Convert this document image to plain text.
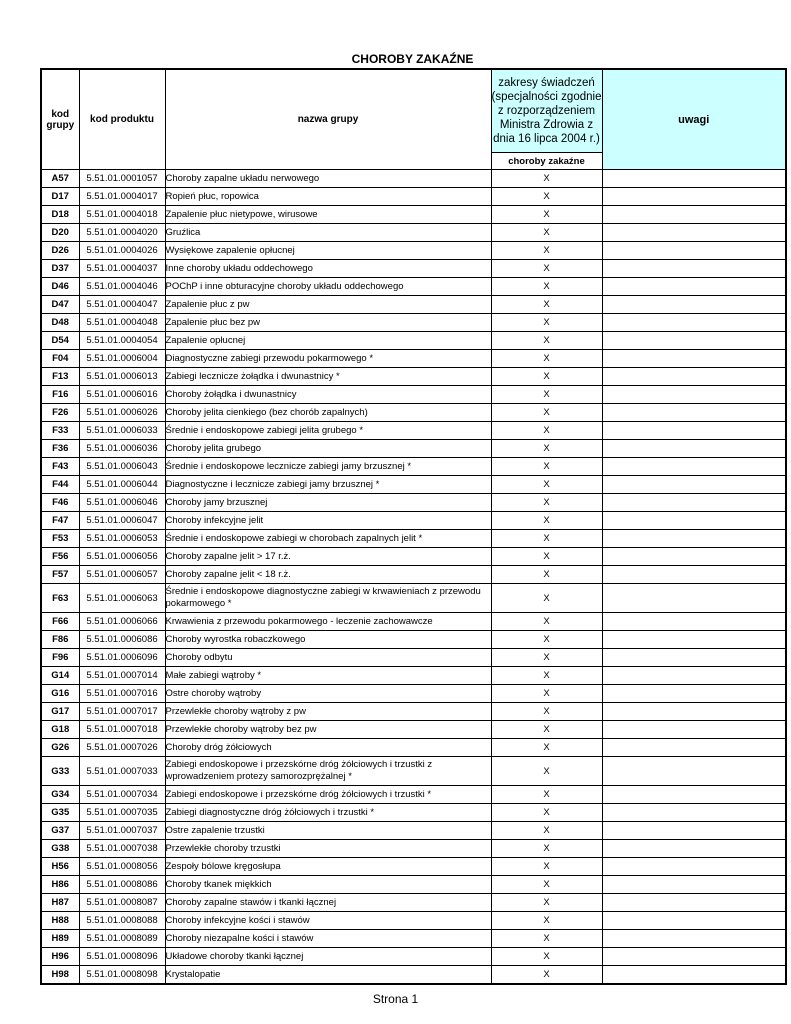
CHOROBY ZAKAŹNE
kod grupy	kod produktu	nazwa grupy	zakresy świadczeń (specjalności zgodnie z rozporządzeniem Ministra Zdrowia z dnia 16 lipca 2004 r.)	uwagi
			choroby zakaźne	
A57	5.51.01.0001057	Choroby zapalne układu nerwowego	X	
D17	5.51.01.0004017	Ropień płuc, ropowica	X	
D18	5.51.01.0004018	Zapalenie płuc nietypowe, wirusowe	X	
D20	5.51.01.0004020	Gruźlica	X	
D26	5.51.01.0004026	Wysiękowe zapalenie opłucnej	X	
D37	5.51.01.0004037	Inne choroby układu oddechowego	X	
D46	5.51.01.0004046	POChP i inne obturacyjne choroby układu oddechowego	X	
D47	5.51.01.0004047	Zapalenie płuc z pw	X	
D48	5.51.01.0004048	Zapalenie płuc bez pw	X	
D54	5.51.01.0004054	Zapalenie opłucnej	X	
F04	5.51.01.0006004	Diagnostyczne zabiegi przewodu pokarmowego *	X	
F13	5.51.01.0006013	Zabiegi lecznicze żołądka i dwunastnicy *	X	
F16	5.51.01.0006016	Choroby żołądka i dwunastnicy	X	
F26	5.51.01.0006026	Choroby jelita cienkiego (bez chorób zapalnych)	X	
F33	5.51.01.0006033	Średnie i endoskopowe zabiegi jelita grubego *	X	
F36	5.51.01.0006036	Choroby jelita grubego	X	
F43	5.51.01.0006043	Średnie i endoskopowe lecznicze zabiegi jamy brzusznej *	X	
F44	5.51.01.0006044	Diagnostyczne i lecznicze zabiegi jamy brzusznej *	X	
F46	5.51.01.0006046	Choroby jamy brzusznej	X	
F47	5.51.01.0006047	Choroby infekcyjne jelit	X	
F53	5.51.01.0006053	Średnie i endoskopowe zabiegi w chorobach zapalnych jelit *	X	
F56	5.51.01.0006056	Choroby zapalne jelit > 17 r.ż.	X	
F57	5.51.01.0006057	Choroby zapalne jelit < 18 r.ż.	X	
F63	5.51.01.0006063	Średnie i endoskopowe diagnostyczne zabiegi w krwawieniach z przewodu pokarmowego *	X	
F66	5.51.01.0006066	Krwawienia z przewodu pokarmowego - leczenie zachowawcze	X	
F86	5.51.01.0006086	Choroby wyrostka robaczkowego	X	
F96	5.51.01.0006096	Choroby odbytu	X	
G14	5.51.01.0007014	Małe zabiegi wątroby *	X	
G16	5.51.01.0007016	Ostre choroby wątroby	X	
G17	5.51.01.0007017	Przewlekłe choroby wątroby z pw	X	
G18	5.51.01.0007018	Przewlekłe choroby wątroby bez pw	X	
G26	5.51.01.0007026	Choroby dróg żółciowych	X	
G33	5.51.01.0007033	Zabiegi endoskopowe i przezskórne dróg żółciowych i trzustki z wprowadzeniem protezy samorozprężalnej *	X	
G34	5.51.01.0007034	Zabiegi endoskopowe i przezskórne dróg żółciowych i trzustki *	X	
G35	5.51.01.0007035	Zabiegi diagnostyczne dróg żółciowych i trzustki *	X	
G37	5.51.01.0007037	Ostre zapalenie trzustki	X	
G38	5.51.01.0007038	Przewlekłe choroby trzustki	X	
H56	5.51.01.0008056	Zespoły bólowe kręgosłupa	X	
H86	5.51.01.0008086	Choroby tkanek miękkich	X	
H87	5.51.01.0008087	Choroby zapalne stawów i tkanki łącznej	X	
H88	5.51.01.0008088	Choroby infekcyjne kości i stawów	X	
H89	5.51.01.0008089	Choroby niezapalne kości i stawów	X	
H96	5.51.01.0008096	Układowe choroby tkanki łącznej	X	
H98	5.51.01.0008098	Krystalopatie	X	
Strona 1
